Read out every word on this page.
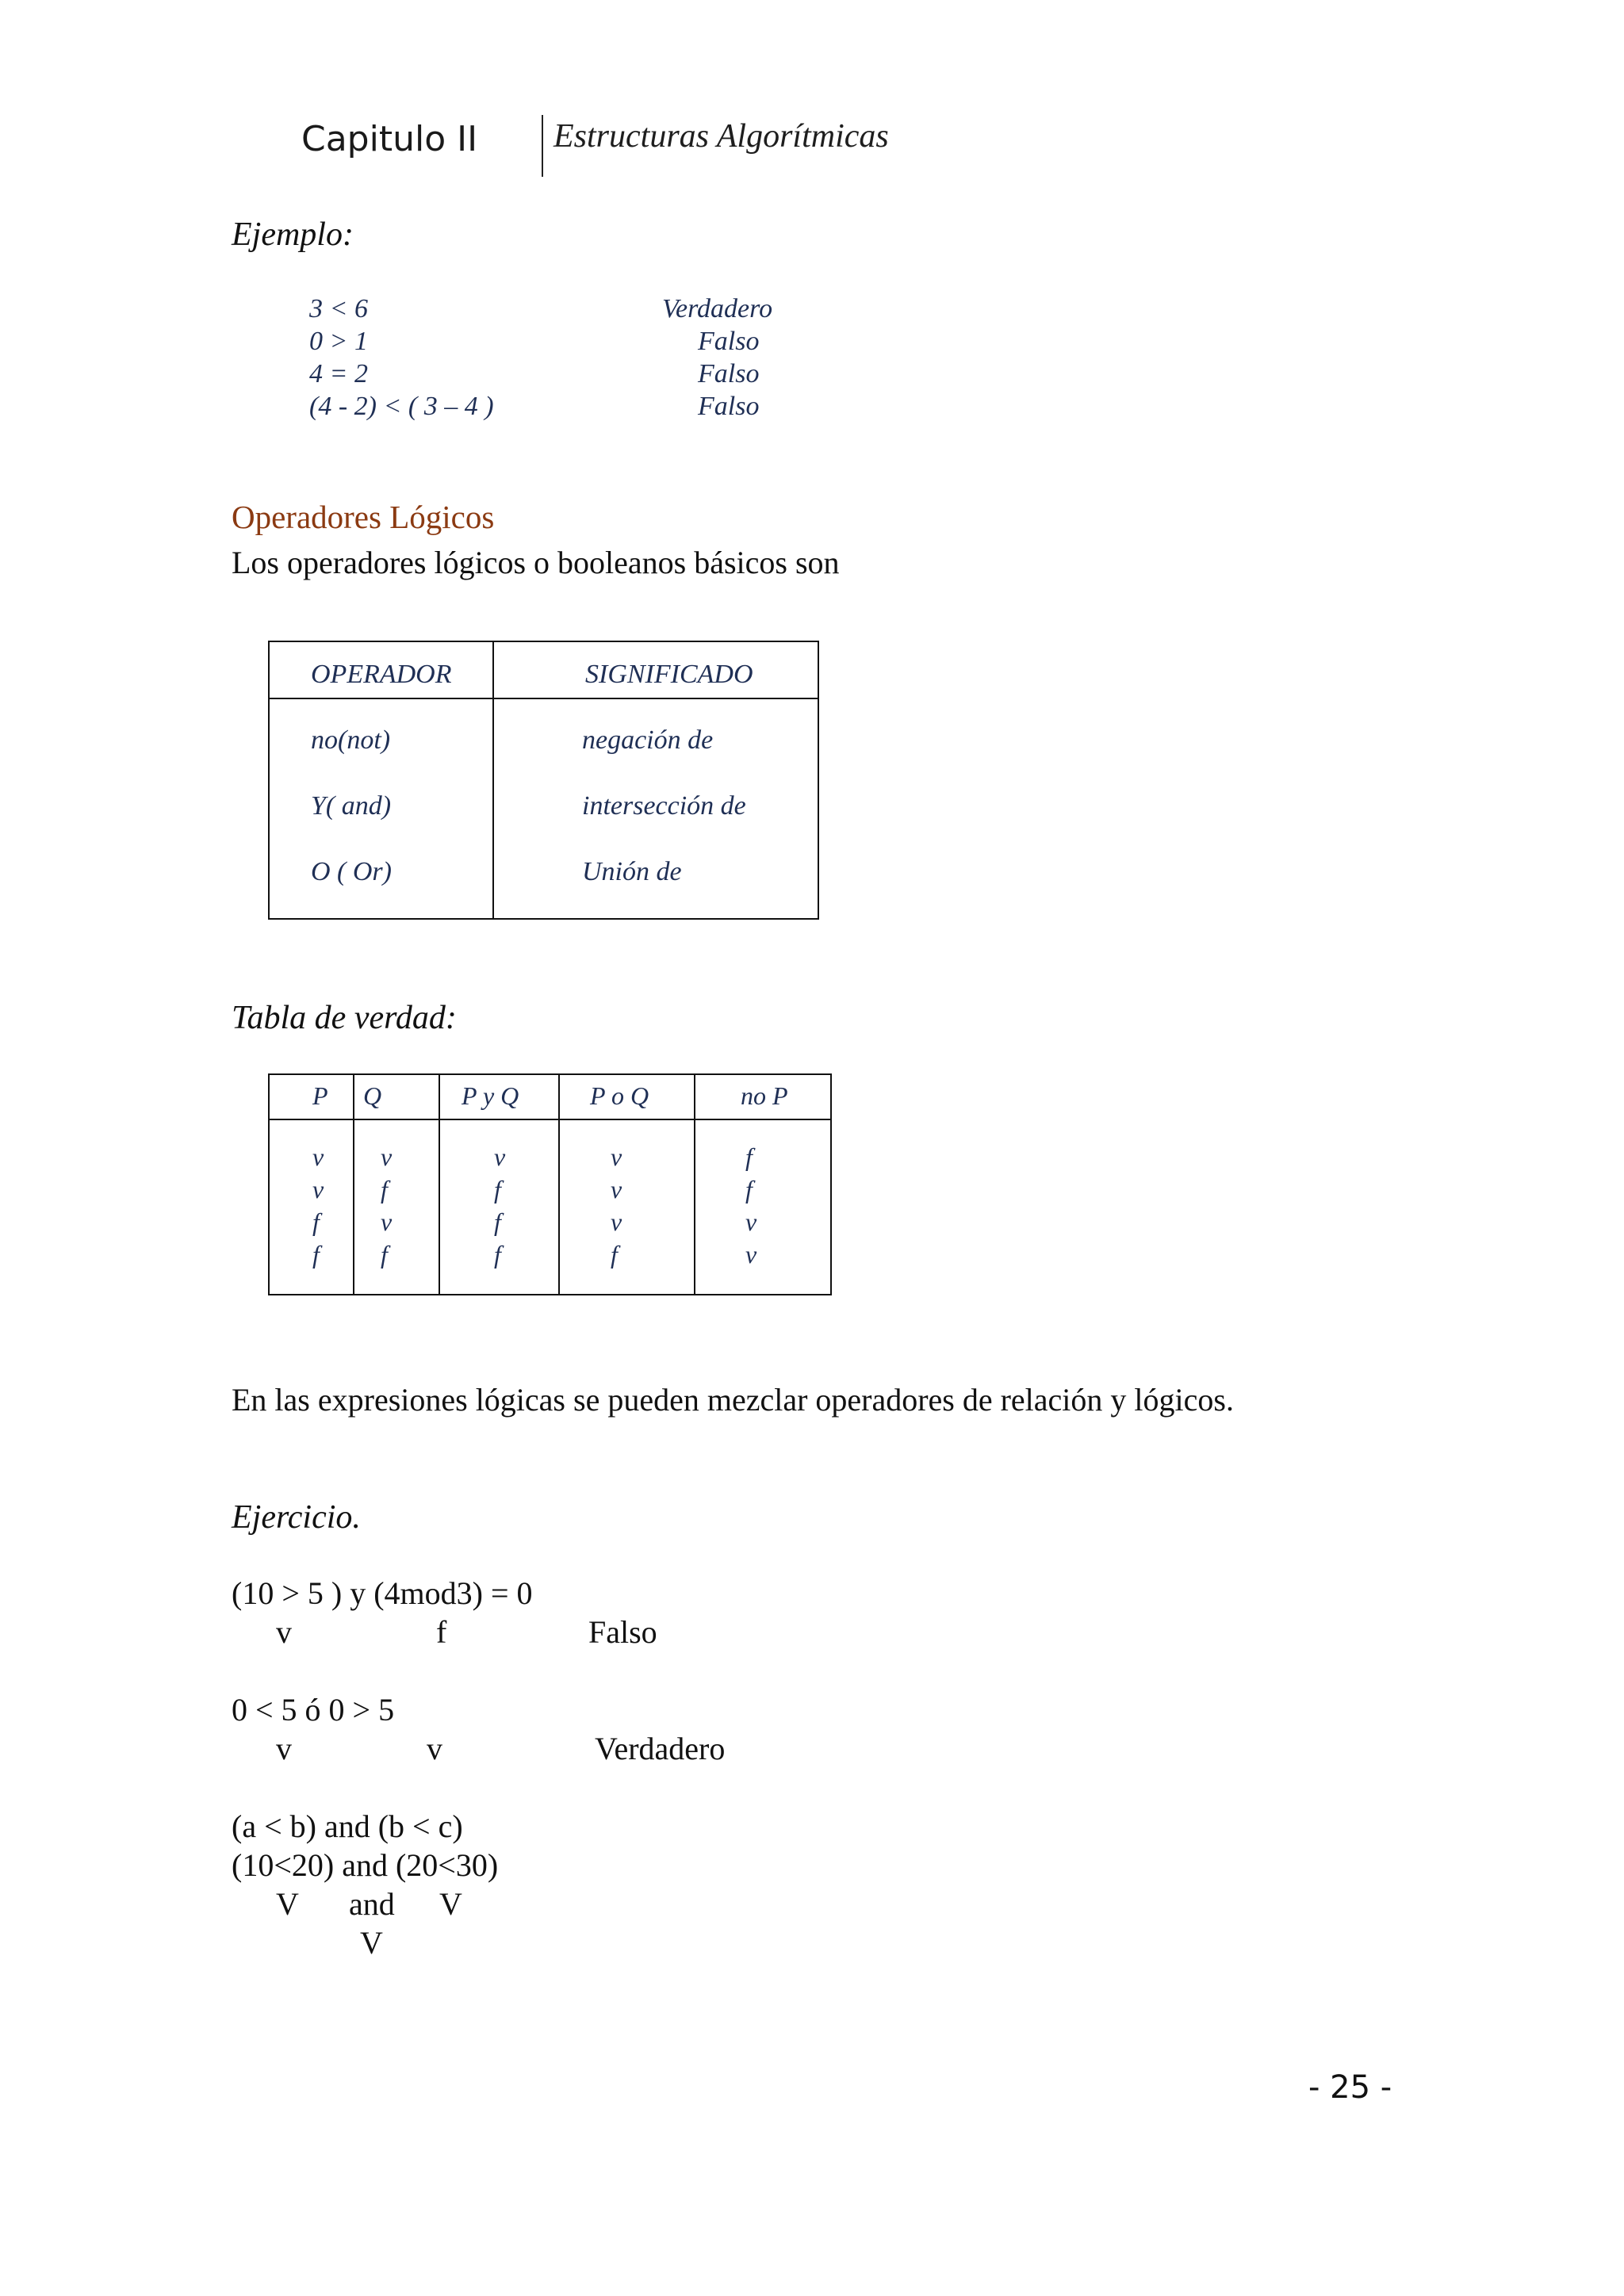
Capitulo II Estructuras Algorítmicas
Ejemplo:
3 < 6	Verdadero
0 > 1	Falso
4 = 2	Falso
(4 - 2) < ( 3 – 4 )	Falso
Operadores Lógicos
Los operadores lógicos o booleanos básicos son
OPERADOR	SIGNIFICADO
no(not)	negación de
Y( and)	intersección de
O ( Or)	Unión de
Tabla de verdad:
P Q	P y Q	P o Q	no P
v v	v	v	f
v f	f	v	f
f v	f	v	v
f f	f	f	v
En las expresiones lógicas se pueden mezclar operadores de relación y lógicos.
Ejercicio.
(10 > 5 ) y (4mod3) = 0
v	f	Falso
0 < 5 ó 0 > 5
v	v	Verdadero
(a < b) and (b < c)
(10<20) and (20<30)
V and V
V
- 25 -
